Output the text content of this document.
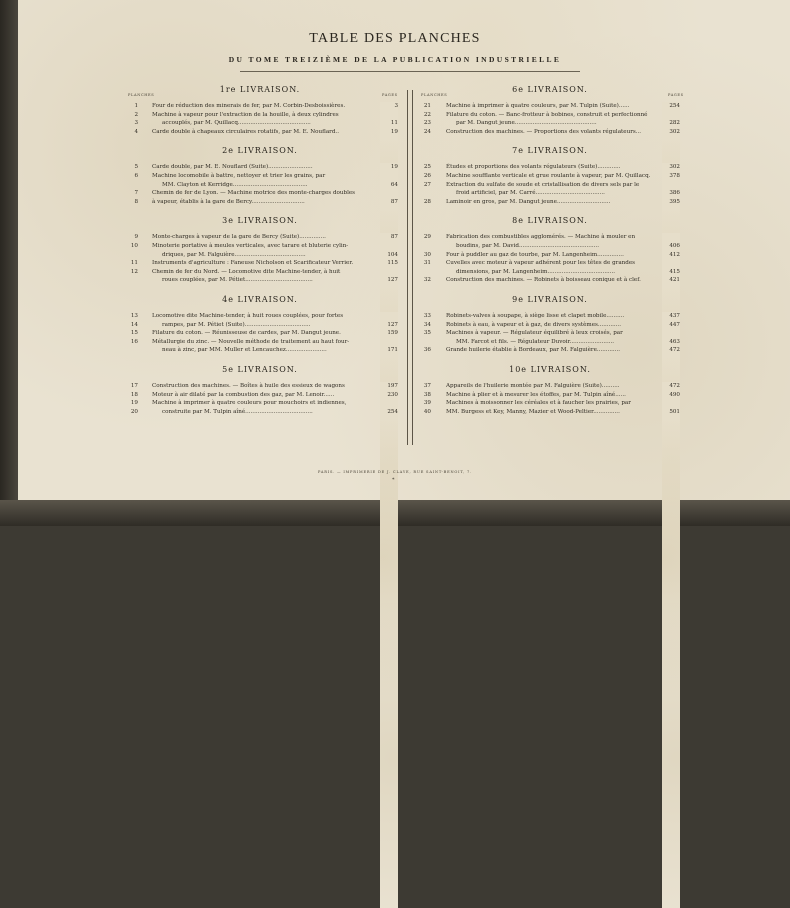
TABLE DES PLANCHES
DU TOME TREIZIÈME DE LA PUBLICATION INDUSTRIELLE
PLANCHES	PAGES	PLANCHES	PAGES
1re LIVRAISON.
1	Four de réduction des minerais de fer, par M. Corbin-Desboissières.	3
2	Machine à vapeur pour l'extraction de la houille, à deux cylindres
3	accouplés, par M. Quillacq.........................................	11
4	Carde double à chapeaux circulaires rotatifs, par M. E. Nouflard..	19
2e LIVRAISON.
5	Carde double, par M. E. Nouflard (Suite).........................	19
6	Machine locomobile à battre, nettoyer et trier les grains, par
MM. Clayton et Kerridge..........................................	64
7	Chemin de fer de Lyon. — Machine motrice des monte-charges doubles
8	à vapeur, établis à la gare de Bercy..............................	87
3e LIVRAISON.
9	Monte-charges à vapeur de la gare de Bercy (Suite)...............	87
10	Minoterie portative à meules verticales, avec tarare et bluterie cylin-
driques, par M. Falguière........................................	104
11	Instruments d'agriculture : Faneuse Nicholson et Scarificateur Verrier.	115
12	Chemin de fer du Nord. — Locomotive dite Machine-tender, à huit
roues couplées, par M. Pétiet......................................	127
4e LIVRAISON.
13	Locomotive dite Machine-tender, à huit roues couplées, pour fortes
14	rampes, par M. Pétiet (Suite).....................................	127
15	Filature du coton. — Réunisseuse de cardes, par M. Dangut jeune.	159
16	Métallurgie du zinc. — Nouvelle méthode de traitement au haut four-
neau à zinc, par MM. Muller et Lencauchez.......................	171
5e LIVRAISON.
17	Construction des machines. — Boîtes à huile des essieux de wagons	197
18	Moteur à air dilaté par la combustion des gaz, par M. Lenoir......	230
19	Machine à imprimer à quatre couleurs pour mouchoirs et indiennes,
20	construite par M. Tulpin aîné......................................	254
6e LIVRAISON.
21	Machine à imprimer à quatre couleurs, par M. Tulpin (Suite)......	254
22	Filature du coton. — Banc-frotteur à bobines, construit et perfectionné
23	par M. Dangut jeune..............................................	282
24	Construction des machines. — Proportions des volants régulateurs...	302
7e LIVRAISON.
25	Études et proportions des volants régulateurs (Suite).............	302
26	Machine soufflante verticale et grue roulante à vapeur, par M. Quillacq.	378
27	Extraction du sulfate de soude et cristallisation de divers sels par le
froid artificiel, par M. Carré.......................................	386
28	Laminoir en gros, par M. Dangut jeune..............................	395
8e LIVRAISON.
29	Fabrication des combustibles agglomérés. — Machine à mouler en
boudins, par M. David.............................................	406
30	Four à puddler au gaz de tourbe, par M. Langenheim...............	412
31	Cuvelles avec moteur à vapeur adhérent pour les têtes de grandes
dimensions, par M. Langenheim......................................	415
32	Construction des machines. — Robinets à boisseau conique et à clef.	421
9e LIVRAISON.
33	Robinets-valves à soupape, à siège lisse et clapet mobile..........	437
34	Robinets à eau, à vapeur et à gaz, de divers systèmes.............	447
35	Machines à vapeur. — Régulateur équilibré à leux croisés, par
MM. Farcot et fils. — Régulateur Duvoir.........................	463
36	Grande huilerie établie à Bordeaux, par M. Falguière.............	472
10e LIVRAISON.
37	Appareils de l'huilerie montée par M. Falguière (Suite)..........	472
38	Machine à plier et à mesurer les étoffes, par M. Tulpin aîné......	490
39	Machines à moissonner les céréales et à faucher les prairies, par
40	MM. Burgess et Key, Manny, Mazier et Wood-Peltier...............	501
PARIS. — IMPRIMERIE DE J. CLAYE, RUE SAINT-BENOIT, 7.
*
